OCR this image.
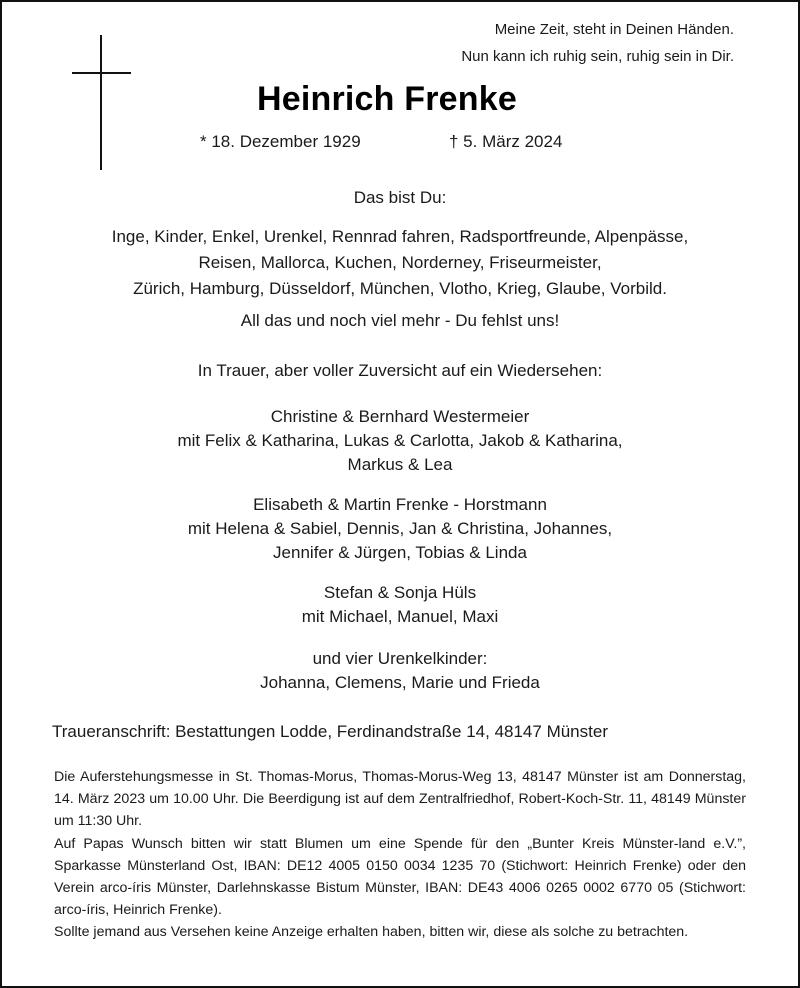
Meine Zeit, steht in Deinen Händen.
Nun kann ich ruhig sein, ruhig sein in Dir.
Heinrich Frenke
* 18. Dezember 1929	† 5. März 2024
Das bist Du:
Inge, Kinder, Enkel, Urenkel, Rennrad fahren, Radsportfreunde, Alpenpässe,
Reisen, Mallorca, Kuchen, Norderney, Friseurmeister,
Zürich, Hamburg, Düsseldorf, München, Vlotho, Krieg, Glaube, Vorbild.
All das und noch viel mehr - Du fehlst uns!
In Trauer, aber voller Zuversicht auf ein Wiedersehen:
Christine & Bernhard Westermeier
mit Felix & Katharina, Lukas & Carlotta, Jakob & Katharina,
Markus & Lea
Elisabeth & Martin Frenke - Horstmann
mit Helena & Sabiel, Dennis, Jan & Christina, Johannes,
Jennifer & Jürgen, Tobias & Linda
Stefan & Sonja Hüls
mit Michael, Manuel, Maxi
und vier Urenkelkinder:
Johanna, Clemens, Marie und Frieda
Traueranschrift: Bestattungen Lodde, Ferdinandstraße 14, 48147 Münster

Die Auferstehungsmesse in St. Thomas-Morus, Thomas-Morus-Weg 13, 48147 Münster ist am Donnerstag, 14. März 2023 um 10.00 Uhr. Die Beerdigung ist auf dem Zentralfriedhof, Robert-Koch-Str. 11, 48149 Münster um 11:30 Uhr.

Auf Papas Wunsch bitten wir statt Blumen um eine Spende für den „Bunter Kreis Münster-land e.V.”, Sparkasse Münsterland Ost, IBAN: DE12 4005 0150 0034 1235 70 (Stichwort: Heinrich Frenke) oder den Verein arco-íris Münster, Darlehnskasse Bistum Münster, IBAN: DE43 4006 0265 0002 6770 05 (Stichwort: arco-íris, Heinrich Frenke).

Sollte jemand aus Versehen keine Anzeige erhalten haben, bitten wir, diese als solche zu betrachten.
